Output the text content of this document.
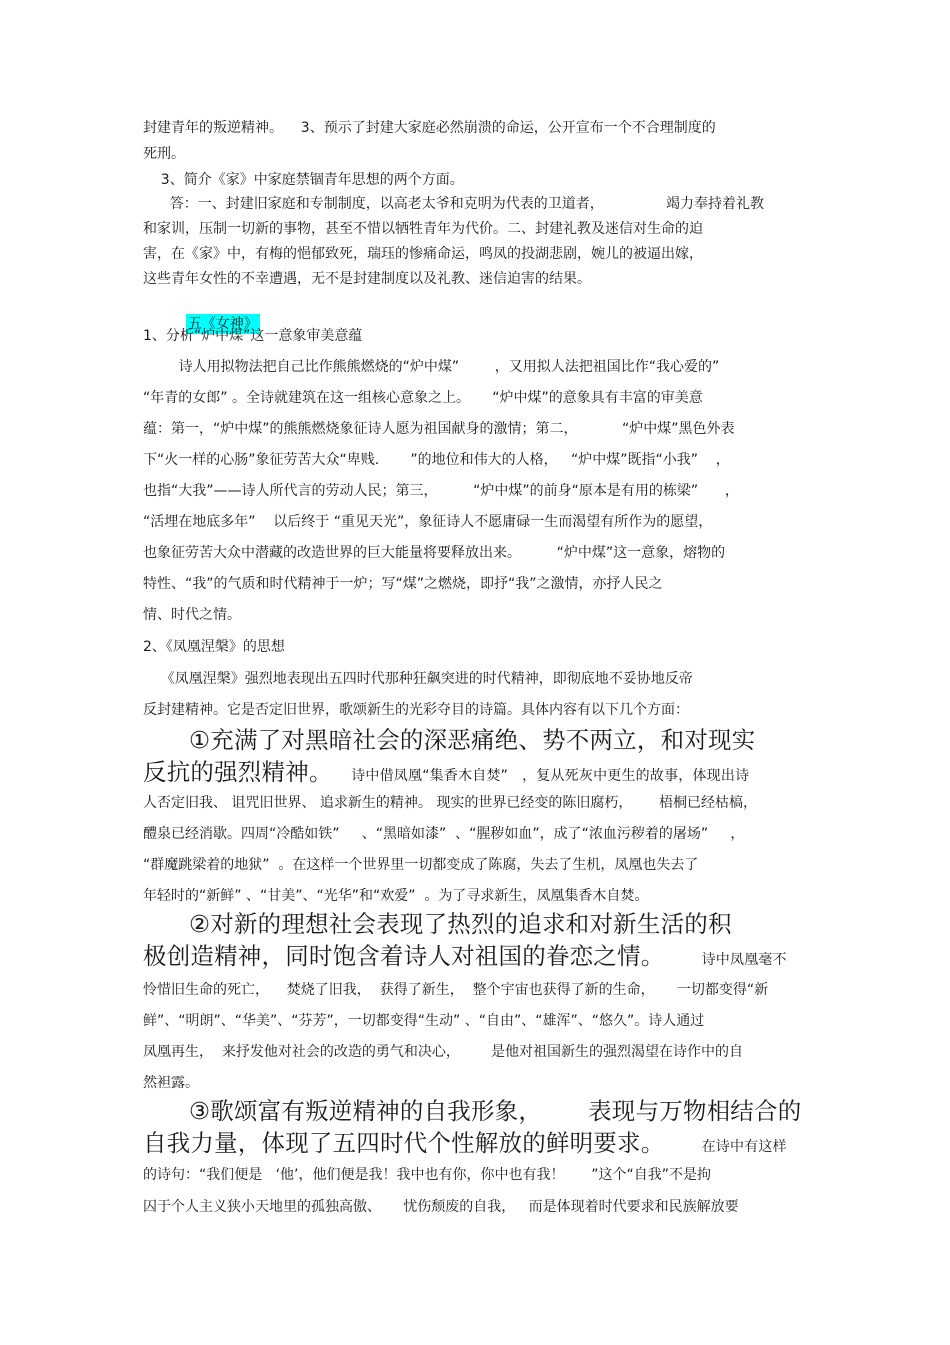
封建青年的叛逆精神。    3、预示了封建大家庭必然崩溃的命运，公开宣布一个不合理制度的
死刑。
3、简介《家》中家庭禁锢青年思想的两个方面。
答：一、封建旧家庭和专制制度，以高老太爷和克明为代表的卫道者，              竭力奉持着礼教
和家训，压制一切新的事物，甚至不惜以牺牲青年为代价。二、封建礼教及迷信对生命的迫
害，在《家》中，有梅的悒郁致死，瑞珏的惨痛命运，鸣凤的投湖悲剧，婉儿的被逼出嫁，
这些青年女性的不幸遭遇，无不是封建制度以及礼教、迷信迫害的结果。

五《女神》

1、分析“炉中煤”这一意象审美意蕴
诗人用拟物法把自己比作熊熊燃烧的“炉中煤”        ，又用拟人法把祖国比作“我心爱的”
“年青的女郎” 。全诗就建筑在这一组核心意象之上。     “炉中煤”的意象具有丰富的审美意
蕴：第一，“炉中煤”的熊熊燃烧象征诗人愿为祖国献身的激情；第二，          “炉中煤”黑色外表
下“火一样的心肠”象征劳苦大众“卑贱.       ”的地位和伟大的人格，   “炉中煤”既指“小我”    ，
也指“大我”——诗人所代言的劳动人民；第三，        “炉中煤”的前身“原本是有用的栋梁”      ，
“活埋在地底多年”    以后终于 “重见天光”，象征诗人不愿庸碌一生而渴望有所作为的愿望，
也象征劳苦大众中潜藏的改造世界的巨大能量将要释放出来。        “炉中煤”这一意象，熔物的
特性、“我”的气质和时代精神于一炉；写“煤”之燃烧，即抒“我”之激情，亦抒人民之
情、时代之情。
2、《凤凰涅槃》的思想
《凤凰涅槃》强烈地表现出五四时代那种狂飙突进的时代精神，即彻底地不妥协地反帝
反封建精神。它是否定旧世界，歌颂新生的光彩夺目的诗篇。具体内容有以下几个方面：
①充满了对黑暗社会的深恶痛绝、势不两立，和对现实
反抗的强烈精神。    诗中借凤凰“集香木自焚”   ，复从死灰中更生的故事，体现出诗
人否定旧我、 诅咒旧世界、 追求新生的精神。 现实的世界已经变的陈旧腐朽，      梧桐已经枯槁，
醴泉已经消歇。四周“冷酷如铁”     、“黑暗如漆”  、“腥秽如血”，成了“浓血污秽着的屠场”     ，
“群魔跳梁着的地狱”  。在这样一个世界里一切都变成了陈腐，失去了生机，凤凰也失去了
年轻时的“新鲜” 、“甘美”、“光华”和“欢爱”  。为了寻求新生，凤凰集香木自焚。
②对新的理想社会表现了热烈的追求和对新生活的积
极创造精神，同时饱含着诗人对祖国的眷恋之情。        诗中凤凰毫不
怜惜旧生命的死亡，    焚烧了旧我，  获得了新生，  整个宇宙也获得了新的生命，     一切都变得“新
鲜”、“明朗”、“华美”、“芬芳”，一切都变得“生动” 、“自由”、“雄浑”、“悠久”。诗人通过
凤凰再生，  来抒发他对社会的改造的勇气和决心，       是他对祖国新生的强烈渴望在诗作中的自
然袒露。
③歌颂富有叛逆精神的自我形象，      表现与万物相结合的
自我力量，体现了五四时代个性解放的鲜明要求。        在诗中有这样
的诗句：“我们便是   ‘他’，他们便是我！我中也有你，你中也有我！      ”这个“自我”不是拘
囚于个人主义狭小天地里的孤独高傲、     忧伤颓废的自我，   而是体现着时代要求和民族解放要
